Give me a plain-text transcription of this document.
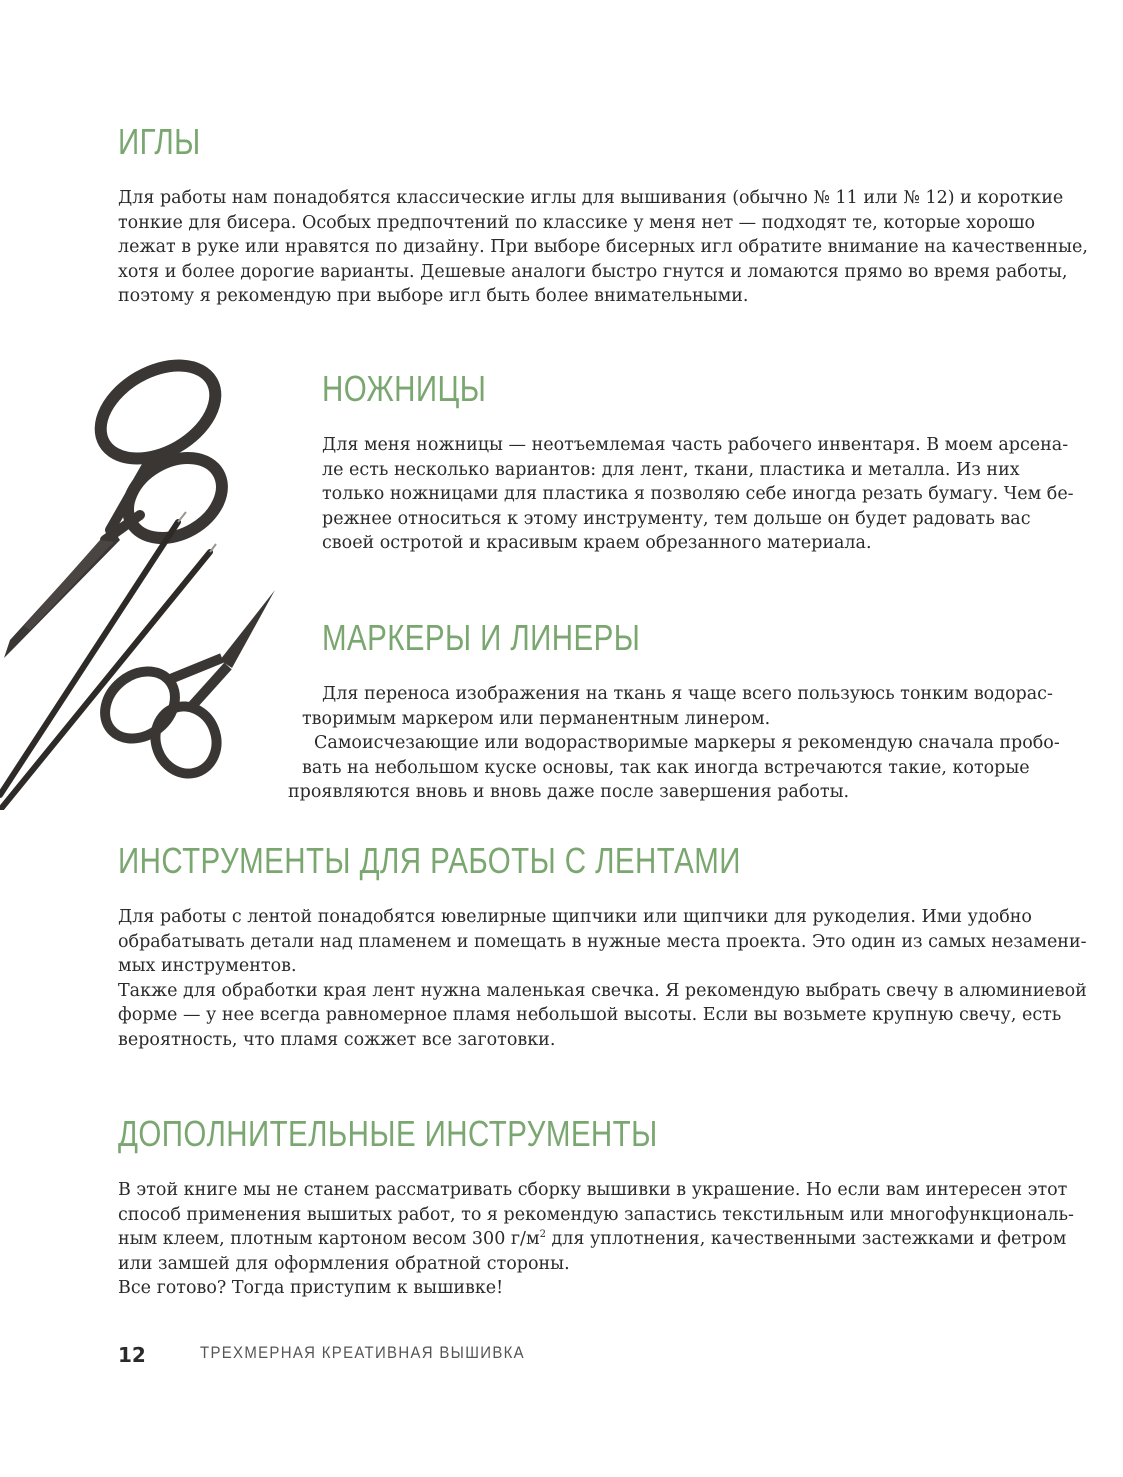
ИГЛЫ
Для работы нам понадобятся классические иглы для вышивания (обычно № 11 или № 12) и короткие
тонкие для бисера. Особых предпочтений по классике у меня нет — подходят те, которые хорошо
лежат в руке или нравятся по дизайну. При выборе бисерных игл обратите внимание на качественные,
хотя и более дорогие варианты. Дешевые аналоги быстро гнутся и ломаются прямо во время работы,
поэтому я рекомендую при выборе игл быть более внимательными.
НОЖНИЦЫ
Для меня ножницы — неотъемлемая часть рабочего инвентаря. В моем арсена-
ле есть несколько вариантов: для лент, ткани, пластика и металла. Из них
только ножницами для пластика я позволяю себе иногда резать бумагу. Чем бе-
режнее относиться к этому инструменту, тем дольше он будет радовать вас
своей остротой и красивым краем обрезанного материала.
МАРКЕРЫ И ЛИНЕРЫ
Для переноса изображения на ткань я чаще всего пользуюсь тонким водорас-
творимым маркером или перманентным линером.
Самоисчезающие или водорастворимые маркеры я рекомендую сначала пробо-
вать на небольшом куске основы, так как иногда встречаются такие, которые
проявляются вновь и вновь даже после завершения работы.
ИНСТРУМЕНТЫ ДЛЯ РАБОТЫ С ЛЕНТАМИ
Для работы с лентой понадобятся ювелирные щипчики или щипчики для рукоделия. Ими удобно
обрабатывать детали над пламенем и помещать в нужные места проекта. Это один из самых незамени-
мых инструментов.
Также для обработки края лент нужна маленькая свечка. Я рекомендую выбрать свечу в алюминиевой
форме — у нее всегда равномерное пламя небольшой высоты. Если вы возьмете крупную свечу, есть
вероятность, что пламя сожжет все заготовки.
ДОПОЛНИТЕЛЬНЫЕ ИНСТРУМЕНТЫ
В этой книге мы не станем рассматривать сборку вышивки в украшение. Но если вам интересен этот
способ применения вышитых работ, то я рекомендую запастись текстильным или многофункциональ-
ным клеем, плотным картоном весом 300 $г/м^2$ для уплотнения, качественными застежками и фетром
или замшей для оформления обратной стороны.
Все готово? Тогда приступим к вышивке!
12	ТРЕХМЕРНАЯ КРЕАТИВНАЯ ВЫШИВКА
